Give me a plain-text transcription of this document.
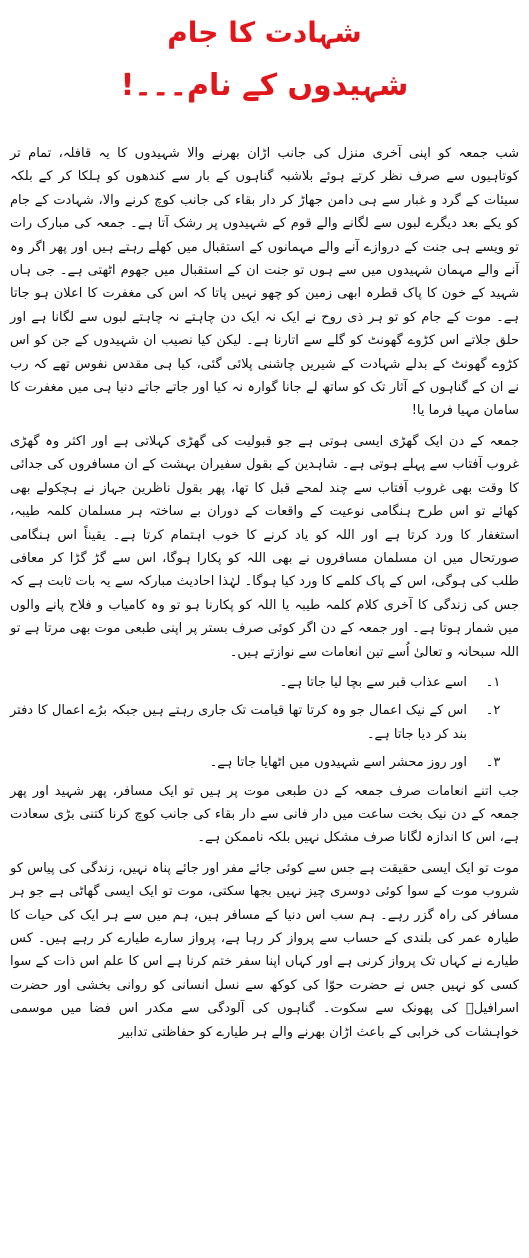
شہادت کا جام
شہیدوں کے نام۔۔۔!

شب جمعہ کو اپنی آخری منزل کی جانب اڑان بھرنے والا شہیدوں کا یہ قافلہ، تمام تر کوتاہیوں سے صرف نظر کرتے ہوئے بلاشبہ گناہوں کے بار سے کندھوں کو ہلکا کر کے بلکہ سیئات کے گرد و غبار سے ہی دامن جھاڑ کر دار بقاء کی جانب کوچ کرنے والا، شہادت کے جام کو یکے بعد دیگرے لبوں سے لگانے والے قوم کے شہیدوں پر رشک آتا ہے۔ جمعہ کی مبارک رات تو ویسے ہی جنت کے دروازے آنے والے مہمانوں کے استقبال میں کھلے رہتے ہیں اور پھر اگر وہ آنے والے مہمان شہیدوں میں سے ہوں تو جنت ان کے استقبال میں جھوم اٹھتی ہے۔ جی ہاں شہید کے خون کا پاک قطرہ ابھی زمین کو چھو نہیں پاتا کہ اس کی مغفرت کا اعلان ہو جاتا ہے۔ موت کے جام کو تو ہر ذی روح نے ایک نہ ایک دن چاہتے نہ چاہتے لبوں سے لگانا ہے اور حلق جلاتے اس کڑوے گھونٹ کو گلے سے اتارنا ہے۔ لیکن کیا نصیب ان شہیدوں کے جن کو اس کڑوے گھونٹ کے بدلے شہادت کے شیریں چاشنی پلائی گئی، کیا ہی مقدس نفوس تھے کہ رب نے ان کے گناہوں کے آثار تک کو ساتھ لے جانا گوارہ نہ کیا اور جاتے جاتے دنیا ہی میں مغفرت کا سامان مہیا فرما یا!

جمعہ کے دن ایک گھڑی ایسی ہوتی ہے جو قبولیت کی گھڑی کہلاتی ہے اور اکثر وہ گھڑی غروب آفتاب سے پہلے ہوتی ہے۔ شاہدین کے بقول سفیران بہشت کے ان مسافروں کی جدائی کا وقت بھی غروب آفتاب سے چند لمحے قبل کا تھا، پھر بقول ناظرین جہاز نے ہچکولے بھی کھائے تو اس طرح ہنگامی نوعیت کے واقعات کے دوران بے ساختہ ہر مسلمان کلمہ طیبہ، استغفار کا ورد کرتا ہے اور اللہ کو یاد کرنے کا خوب اہتمام کرتا ہے۔ یقیناً اس ہنگامی صورتحال میں ان مسلمان مسافروں نے بھی اللہ کو پکارا ہوگا، اس سے گڑ گڑا کر معافی طلب کی ہوگی، اس کے پاک کلمے کا ورد کیا ہوگا۔ لہٰذا احادیث مبارکہ سے یہ بات ثابت ہے کہ جس کی زندگی کا آخری کلام کلمہ طیبہ یا اللہ کو پکارنا ہو تو وہ کامیاب و فلاح پانے والوں میں شمار ہوتا ہے۔ اور جمعہ کے دن اگر کوئی صرف بستر پر اپنی طبعی موت بھی مرتا ہے تو اللہ سبحانہ و تعالیٰ اُسے تین انعامات سے نوازتے ہیں۔

۱۔
اسے عذاب قبر سے بچا لیا جاتا ہے۔
۲۔
اس کے نیک اعمال جو وہ کرتا تھا قیامت تک جاری رہتے ہیں جبکہ برُے اعمال کا دفتر بند کر دیا جاتا ہے۔
۳۔
اور روز محشر اسے شہیدوں میں اٹھایا جاتا ہے۔

جب اتنے انعامات صرف جمعہ کے دن طبعی موت پر ہیں تو ایک مسافر، پھر شہید اور پھر جمعہ کے دن نیک بخت ساعت میں دار فانی سے دار بقاء کی جانب کوچ کرنا کتنی بڑی سعادت ہے، اس کا اندازہ لگانا صرف مشکل نہیں بلکہ ناممکن ہے۔

موت تو ایک ایسی حقیقت ہے جس سے کوئی جائے مفر اور جائے پناہ نہیں، زندگی کی پیاس کو شروب موت کے سوا کوئی دوسری چیز نہیں بجھا سکتی، موت تو ایک ایسی گھاٹی ہے جو ہر مسافر کی راہ گزر رہے۔ ہم سب اس دنیا کے مسافر ہیں، ہم میں سے ہر ایک کی حیات کا طیارہ عمر کی بلندی کے حساب سے پرواز کر رہا ہے، پرواز سارے طیارے کر رہے ہیں۔ کس طیارے نے کہاں تک پرواز کرنی ہے اور کہاں اپنا سفر ختم کرنا ہے اس کا علم اس ذات کے سوا کسی کو نہیں جس نے حضرت حوّا کی کوکھ سے نسل انسانی کو روانی بخشی اور حضرت اسرافیلؑ کی پھونک سے سکوت۔ گناہوں کی آلودگی سے مکدر اس فضا میں موسمی خواہشات کی خرابی کے باعث اڑان بھرنے والے ہر طیارے کو حفاظتی تدابیر
